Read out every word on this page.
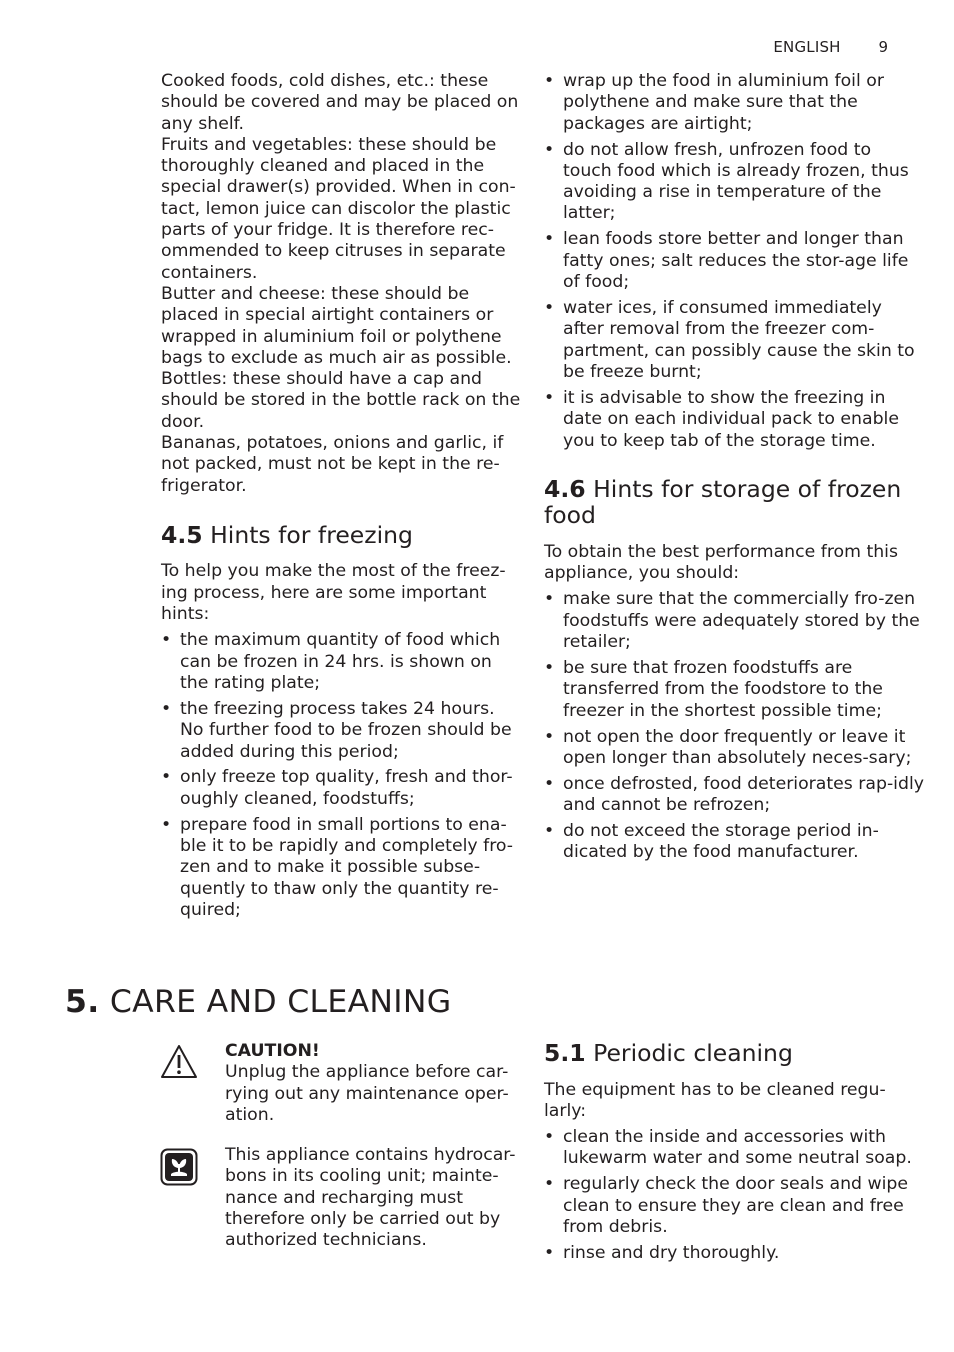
ENGLISH	9

Cooked foods, cold dishes, etc.: these should be covered and may be placed on any shelf.

Fruits and vegetables: these should be thoroughly cleaned and placed in the special drawer(s) provided. When in con-tact, lemon juice can discolor the plastic parts of your fridge. It is therefore rec-ommended to keep citruses in separate containers.

Butter and cheese: these should be placed in special airtight containers or wrapped in aluminium foil or polythene bags to exclude as much air as possible.

Bottles: these should have a cap and should be stored in the bottle rack on the door.

Bananas, potatoes, onions and garlic, if not packed, must not be kept in the re-frigerator.

4.5 Hints for freezing

To help you make the most of the freez-ing process, here are some important hints:

• the maximum quantity of food which can be frozen in 24 hrs. is shown on the rating plate;
• the freezing process takes 24 hours. No further food to be frozen should be added during this period;
• only freeze top quality, fresh and thor-oughly cleaned, foodstuffs;
• prepare food in small portions to ena-ble it to be rapidly and completely fro-zen and to make it possible subse-quently to thaw only the quantity re-quired;
• wrap up the food in aluminium foil or polythene and make sure that the packages are airtight;
• do not allow fresh, unfrozen food to touch food which is already frozen, thus avoiding a rise in temperature of the latter;
• lean foods store better and longer than fatty ones; salt reduces the stor-age life of food;
• water ices, if consumed immediately after removal from the freezer com-partment, can possibly cause the skin to be freeze burnt;
• it is advisable to show the freezing in date on each individual pack to enable you to keep tab of the storage time.
4.6 Hints for storage of frozen food

To obtain the best performance from this appliance, you should:

• make sure that the commercially fro-zen foodstuffs were adequately stored by the retailer;
• be sure that frozen foodstuffs are transferred from the foodstore to the freezer in the shortest possible time;
• not open the door frequently or leave it open longer than absolutely neces-sary;
• once defrosted, food deteriorates rap-idly and cannot be refrozen;
• do not exceed the storage period in-dicated by the food manufacturer.
5. CARE AND CLEANING
CAUTION!
Unplug the appliance before car-rying out any maintenance oper-ation.
This appliance contains hydrocar-bons in its cooling unit; mainte-nance and recharging must therefore only be carried out by authorized technicians.
5.1 Periodic cleaning

The equipment has to be cleaned regu-larly:

• clean the inside and accessories with lukewarm water and some neutral soap.
• regularly check the door seals and wipe clean to ensure they are clean and free from debris.
• rinse and dry thoroughly.
